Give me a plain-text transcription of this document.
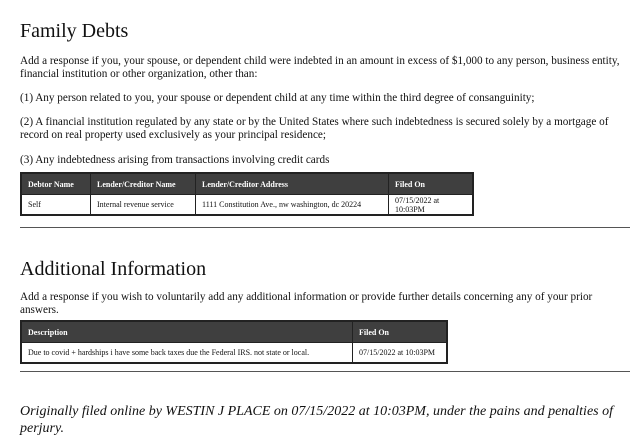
Family Debts

Add a response if you, your spouse, or dependent child were indebted in an amount in excess of $1,000 to any person, business entity, financial institution or other organization, other than:

(1) Any person related to you, your spouse or dependent child at any time within the third degree of consanguinity;

(2) A financial institution regulated by any state or by the United States where such indebtedness is secured solely by a mortgage of record on real property used exclusively as your principal residence;

(3) Any indebtedness arising from transactions involving credit cards

Debtor Name	Lender/Creditor Name	Lender/Creditor Address	Filed On
Self	Internal revenue service	1111 Constitution Ave., nw washington, dc 20224	07/15/2022 at 10:03PM
Additional Information

Add a response if you wish to voluntarily add any additional information or provide further details concerning any of your prior answers.

Description	Filed On
Due to covid + hardships i have some back taxes due the Federal IRS. not state or local.	07/15/2022 at 10:03PM
Originally filed online by WESTIN J PLACE on 07/15/2022 at 10:03PM, under the pains and penalties of perjury.
